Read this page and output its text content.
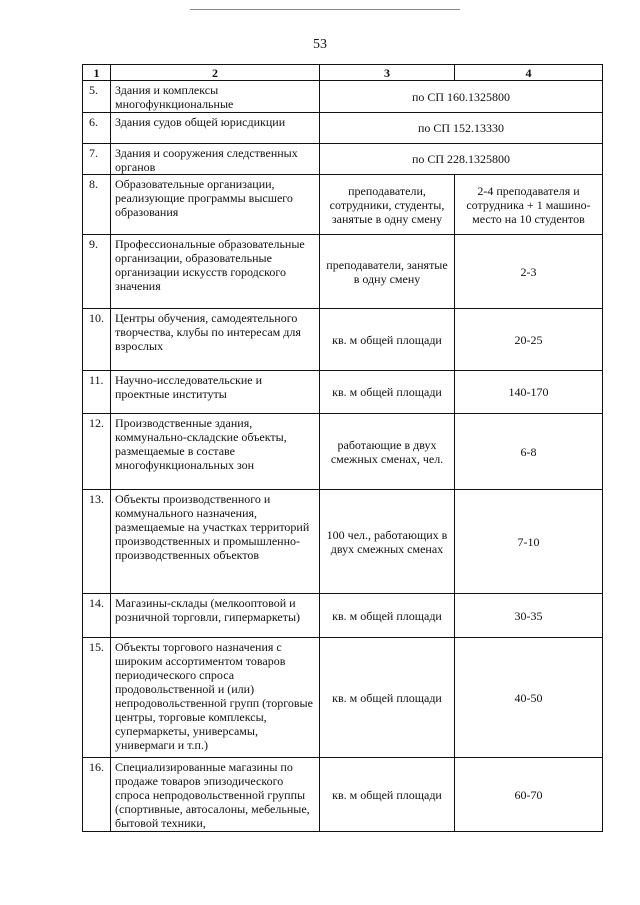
53
1	2	3	4
5.	Здания и комплексы многофункциональные	по СП 160.1325800	
6.	Здания судов общей юрисдикции	по СП 152.13330	
7.	Здания и сооружения следственных органов	по СП 228.1325800	
8.	Образовательные организации, реализующие программы высшего образования	преподаватели, сотрудники, студенты, занятые в одну смену	2-4 преподавателя и сотрудника + 1 машино-место на 10 студентов
9.	Профессиональные образовательные организации, образовательные организации искусств городского значения	преподаватели, занятые в одну смену	2-3
10.	Центры обучения, самодеятельного творчества, клубы по интересам для взрослых	кв. м общей площади	20-25
11.	Научно-исследовательские и проектные институты	кв. м общей площади	140-170
12.	Производственные здания, коммунально-складские объекты, размещаемые в составе многофункциональных зон	работающие в двух смежных сменах, чел.	6-8
13.	Объекты производственного и коммунального назначения, размещаемые на участках территорий производственных и промышленно-производственных объектов	100 чел., работающих в двух смежных сменах	7-10
14.	Магазины-склады (мелкооптовой и розничной торговли, гипермаркеты)	кв. м общей площади	30-35
15.	Объекты торгового назначения с широким ассортиментом товаров периодического спроса продовольственной и (или) непродовольственной групп (торговые центры, торговые комплексы, супермаркеты, универсамы, универмаги и т.п.)	кв. м общей площади	40-50
16.	Специализированные магазины по продаже товаров эпизодического спроса непродовольственной группы (спортивные, автосалоны, мебельные, бытовой техники,	кв. м общей площади	60-70
